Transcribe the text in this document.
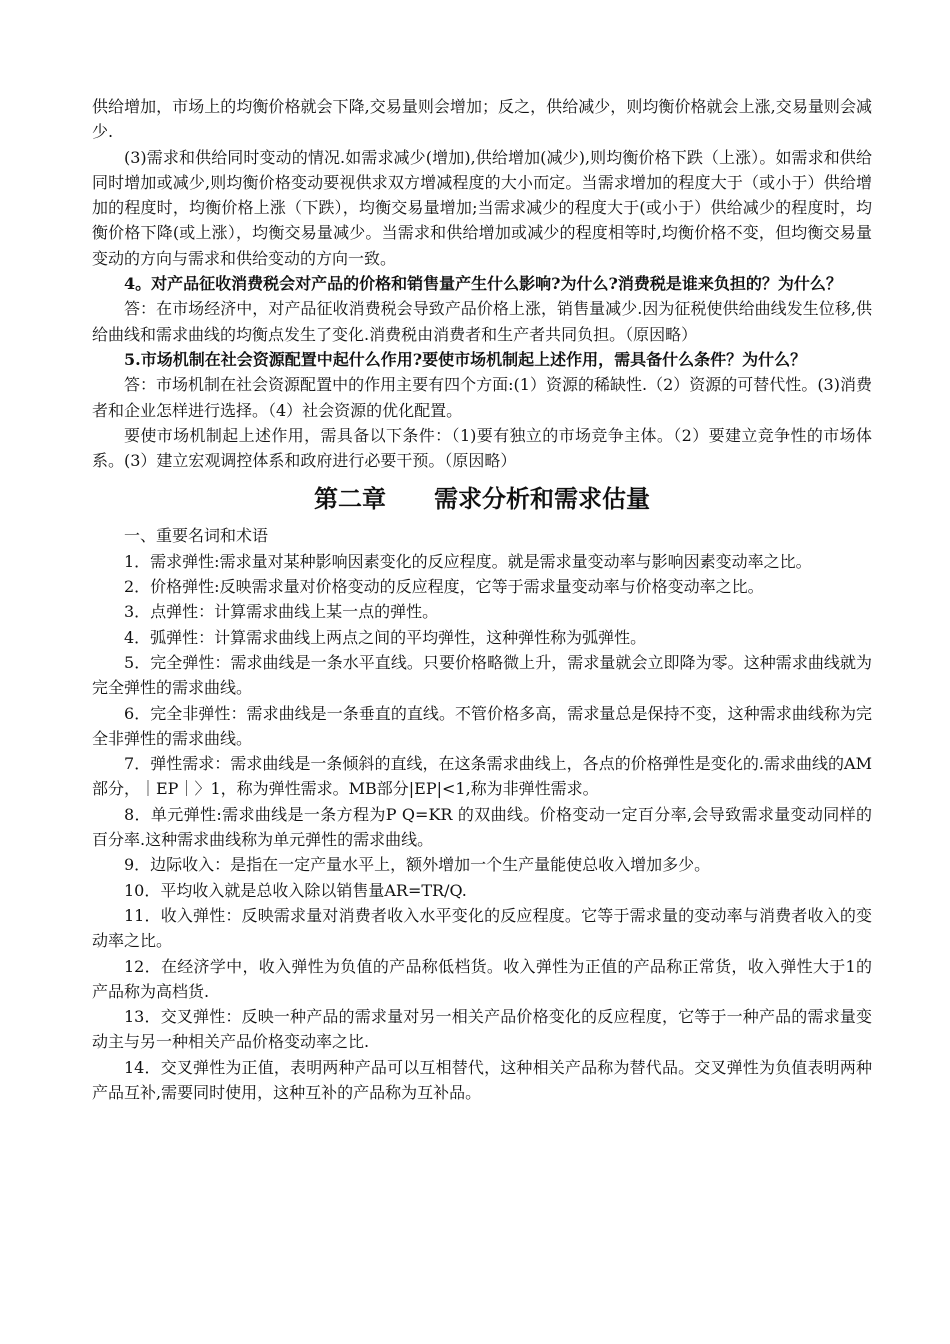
供给增加，市场上的均衡价格就会下降,交易量则会增加；反之，供给减少，则均衡价格就会上涨,交易量则会减少.

(3)需求和供给同时变动的情况.如需求减少(增加),供给增加(减少),则均衡价格下跌（上涨）。如需求和供给同时增加或减少,则均衡价格变动要视供求双方增减程度的大小而定。当需求增加的程度大于（或小于）供给增加的程度时，均衡价格上涨（下跌），均衡交易量增加;当需求减少的程度大于(或小于）供给减少的程度时，均衡价格下降(或上涨），均衡交易量减少。当需求和供给增加或减少的程度相等时,均衡价格不变，但均衡交易量变动的方向与需求和供给变动的方向一致。

4。对产品征收消费税会对产品的价格和销售量产生什么影响?为什么?消费税是谁来负担的？为什么？

答：在市场经济中，对产品征收消费税会导致产品价格上涨，销售量减少.因为征税使供给曲线发生位移,供给曲线和需求曲线的均衡点发生了变化.消费税由消费者和生产者共同负担。（原因略）

5.市场机制在社会资源配置中起什么作用?要使市场机制起上述作用，需具备什么条件？为什么？

答：市场机制在社会资源配置中的作用主要有四个方面:(1）资源的稀缺性.（2）资源的可替代性。(3)消费者和企业怎样进行选择。（4）社会资源的优化配置。

要使市场机制起上述作用，需具备以下条件：（1)要有独立的市场竞争主体。（2）要建立竞争性的市场体系。(3）建立宏观调控体系和政府进行必要干预。（原因略）

第二章　　需求分析和需求估量

一、重要名词和术语

1．需求弹性:需求量对某种影响因素变化的反应程度。就是需求量变动率与影响因素变动率之比。

2．价格弹性:反映需求量对价格变动的反应程度，它等于需求量变动率与价格变动率之比。

3．点弹性：计算需求曲线上某一点的弹性。

4．弧弹性：计算需求曲线上两点之间的平均弹性，这种弹性称为弧弹性。

5．完全弹性：需求曲线是一条水平直线。只要价格略微上升，需求量就会立即降为零。这种需求曲线就为完全弹性的需求曲线。

6．完全非弹性：需求曲线是一条垂直的直线。不管价格多高，需求量总是保持不变，这种需求曲线称为完全非弹性的需求曲线。

7．弹性需求：需求曲线是一条倾斜的直线，在这条需求曲线上，各点的价格弹性是变化的.需求曲线的AM部分，｜EP｜〉1，称为弹性需求。MB部分|EP|<1,称为非弹性需求。

8．单元弹性:需求曲线是一条方程为P Q=KR 的双曲线。价格变动一定百分率,会导致需求量变动同样的百分率.这种需求曲线称为单元弹性的需求曲线。

9．边际收入：是指在一定产量水平上，额外增加一个生产量能使总收入增加多少。

10．平均收入就是总收入除以销售量AR=TR/Q.

11．收入弹性：反映需求量对消费者收入水平变化的反应程度。它等于需求量的变动率与消费者收入的变动率之比。

12．在经济学中，收入弹性为负值的产品称低档货。收入弹性为正值的产品称正常货，收入弹性大于1的产品称为高档货.

13．交叉弹性：反映一种产品的需求量对另一相关产品价格变化的反应程度，它等于一种产品的需求量变动主与另一种相关产品价格变动率之比.

14．交叉弹性为正值，表明两种产品可以互相替代，这种相关产品称为替代品。交叉弹性为负值表明两种产品互补,需要同时使用，这种互补的产品称为互补品。
